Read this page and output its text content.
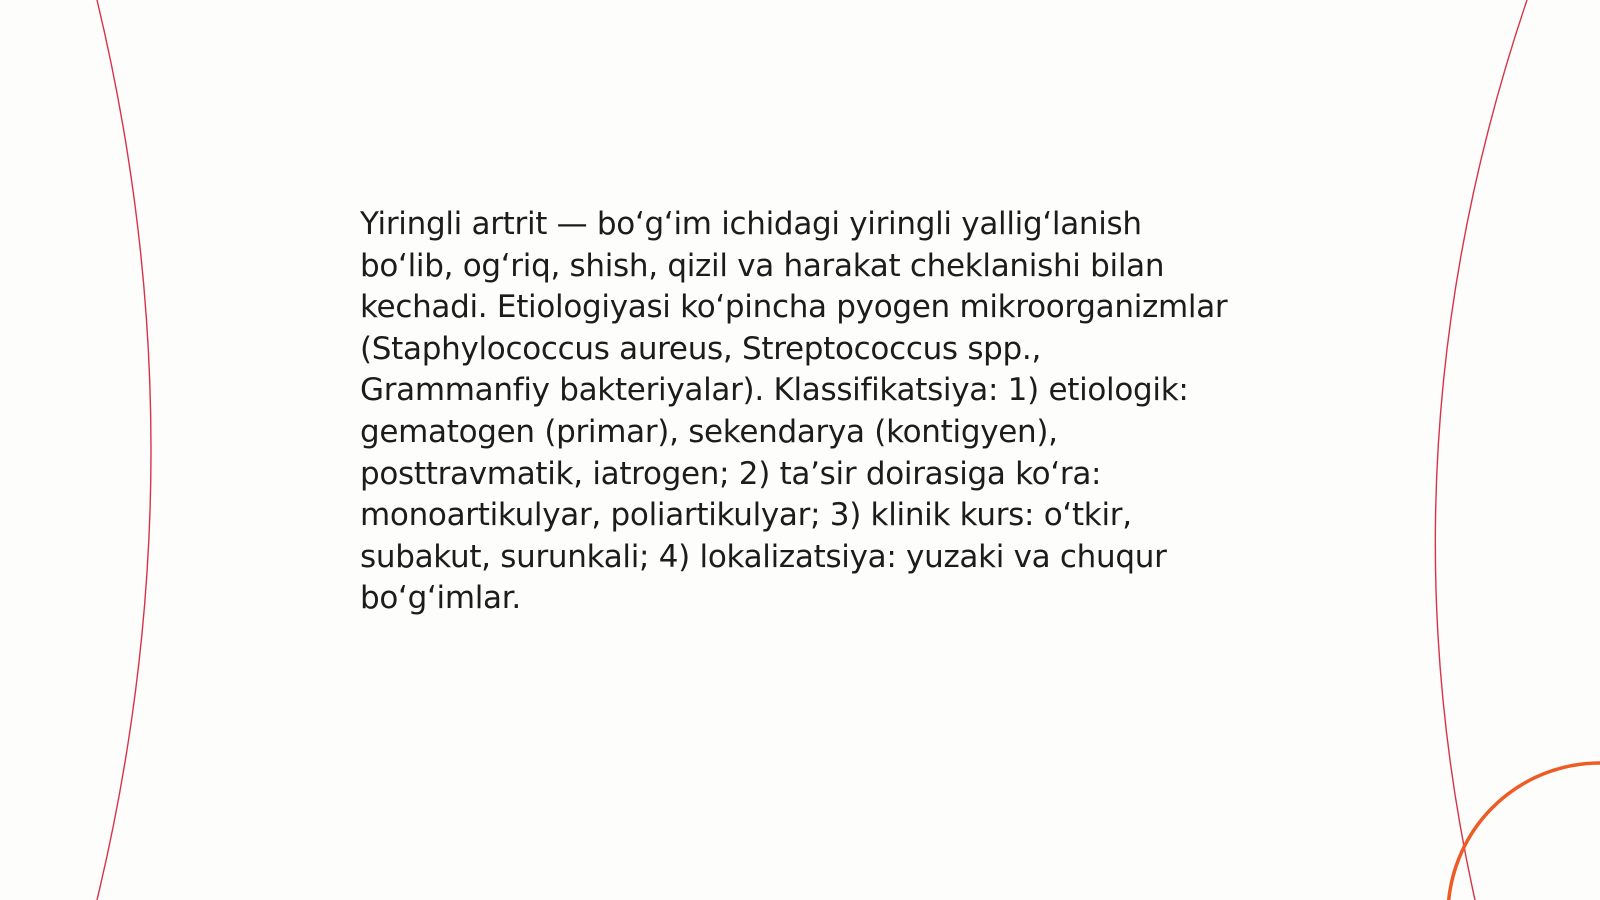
Yiringli artrit — bo‘g‘im ichidagi yiringli yallig‘lanish bo‘lib, og‘riq, shish, qizil va harakat cheklanishi bilan kechadi. Etiologiyasi ko‘pincha pyogen mikroorganizmlar (Staphylococcus aureus, Streptococcus spp., Grammanfiy bakteriyalar). Klassifikatsiya: 1) etiologik: gematogen (primar), sekendarya (kontigyen), posttravmatik, iatrogen; 2) ta’sir doirasiga ko‘ra: monoartikulyar, poliartikulyar; 3) klinik kurs: o‘tkir, subakut, surunkali; 4) lokalizatsiya: yuzaki va chuqur bo‘g‘imlar.
